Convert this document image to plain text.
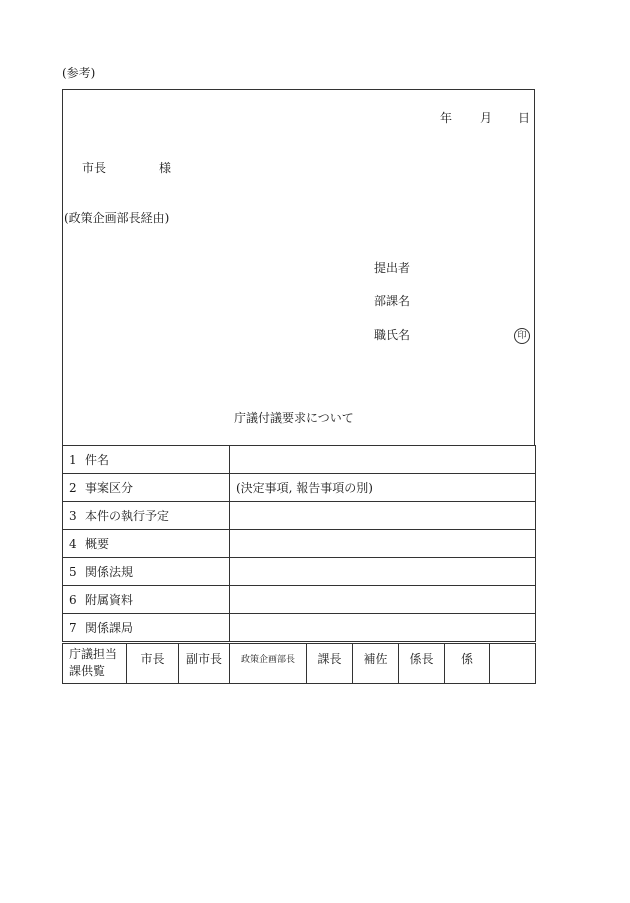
(参考)
年 月 日
市長	様
(政策企画部長経由)
提出者
部課名
職氏名	印
庁議付議要求について
1 件名	
2 事案区分	(決定事項, 報告事項の別)
3 本件の執行予定	
4 概要	
5 関係法規	
6 附属資料	
7 関係課局	
庁議担当
課供覧
	市長	副市長	政策企画部長	課長	補佐	係長	係	
